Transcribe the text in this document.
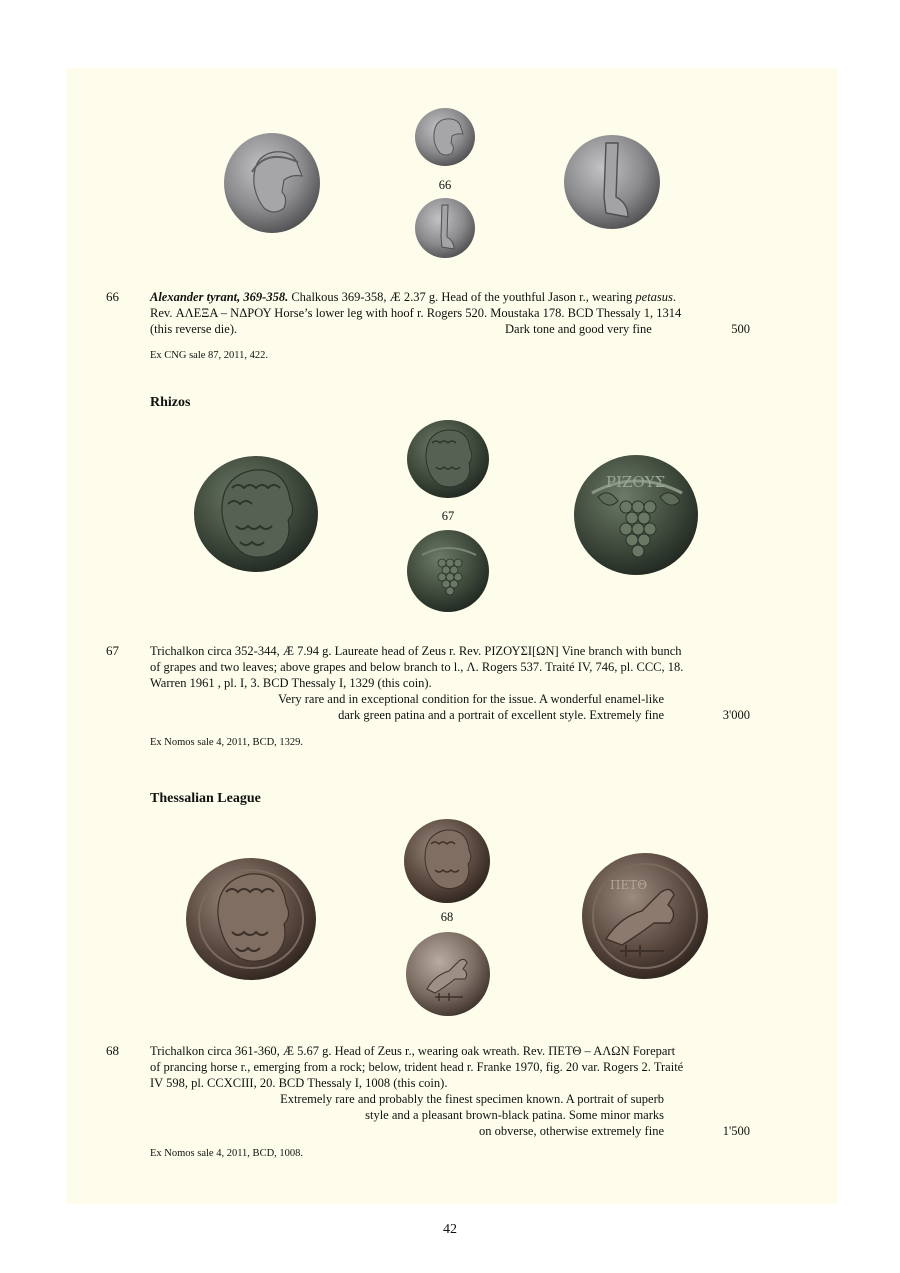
66
66 Alexander tyrant, 369-358. Chalkous 369-358, Æ 2.37 g. Head of the youthful Jason r., wearing petasus.

Rev. ΑΛΕΞΑ – ΝΔΡΟΥ Horse’s lower leg with hoof r. Rogers 520. Moustaka 178. BCD Thessaly 1, 1314

(this reverse die).	Dark tone and good very fine	500

Ex CNG sale 87, 2011, 422.
Rhizos
67
ΡΙΖΟΥΣ
67 Trichalkon circa 352-344, Æ 7.94 g. Laureate head of Zeus r. Rev. ΡΙΖΟΥΣΙ[ΩΝ] Vine branch with bunch

of grapes and two leaves; above grapes and below branch to l., Λ. Rogers 537. Traité IV, 746, pl. CCC, 18.

Warren 1961 , pl. I, 3. BCD Thessaly I, 1329 (this coin).

Very rare and in exceptional condition for the issue. A wonderful enamel-like

dark green patina and a portrait of excellent style. Extremely fine	3'000

Ex Nomos sale 4, 2011, BCD, 1329.
Thessalian League
68
ΠΕΤΘ
68 Trichalkon circa 361-360, Æ 5.67 g. Head of Zeus r., wearing oak wreath. Rev. ΠΕΤΘ – ΑΛΩΝ Forepart

of prancing horse r., emerging from a rock; below, trident head r. Franke 1970, fig. 20 var. Rogers 2. Traité

IV 598, pl. CCXCIII, 20. BCD Thessaly I, 1008 (this coin).

Extremely rare and probably the finest specimen known. A portrait of superb

style and a pleasant brown-black patina. Some minor marks

on obverse, otherwise extremely fine	1'500

Ex Nomos sale 4, 2011, BCD, 1008.
42
